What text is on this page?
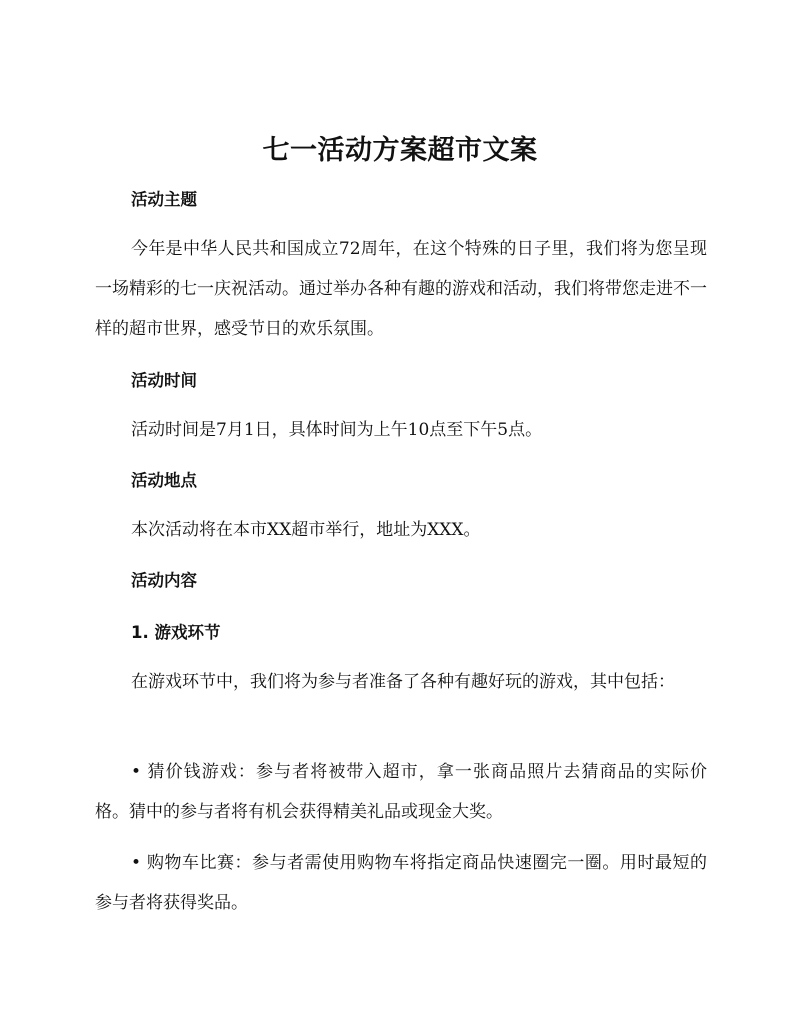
七一活动方案超市文案
活动主题
今年是中华人民共和国成立72周年，在这个特殊的日子里，我们将为您呈现一场精彩的七一庆祝活动。通过举办各种有趣的游戏和活动，我们将带您走进不一样的超市世界，感受节日的欢乐氛围。
活动时间
活动时间是7月1日，具体时间为上午10点至下午5点。
活动地点
本次活动将在本市XX超市举行，地址为XXX。
活动内容
1. 游戏环节
在游戏环节中，我们将为参与者准备了各种有趣好玩的游戏，其中包括：
• 猜价钱游戏：参与者将被带入超市，拿一张商品照片去猜商品的实际价格。猜中的参与者将有机会获得精美礼品或现金大奖。
• 购物车比赛：参与者需使用购物车将指定商品快速圈完一圈。用时最短的参与者将获得奖品。
